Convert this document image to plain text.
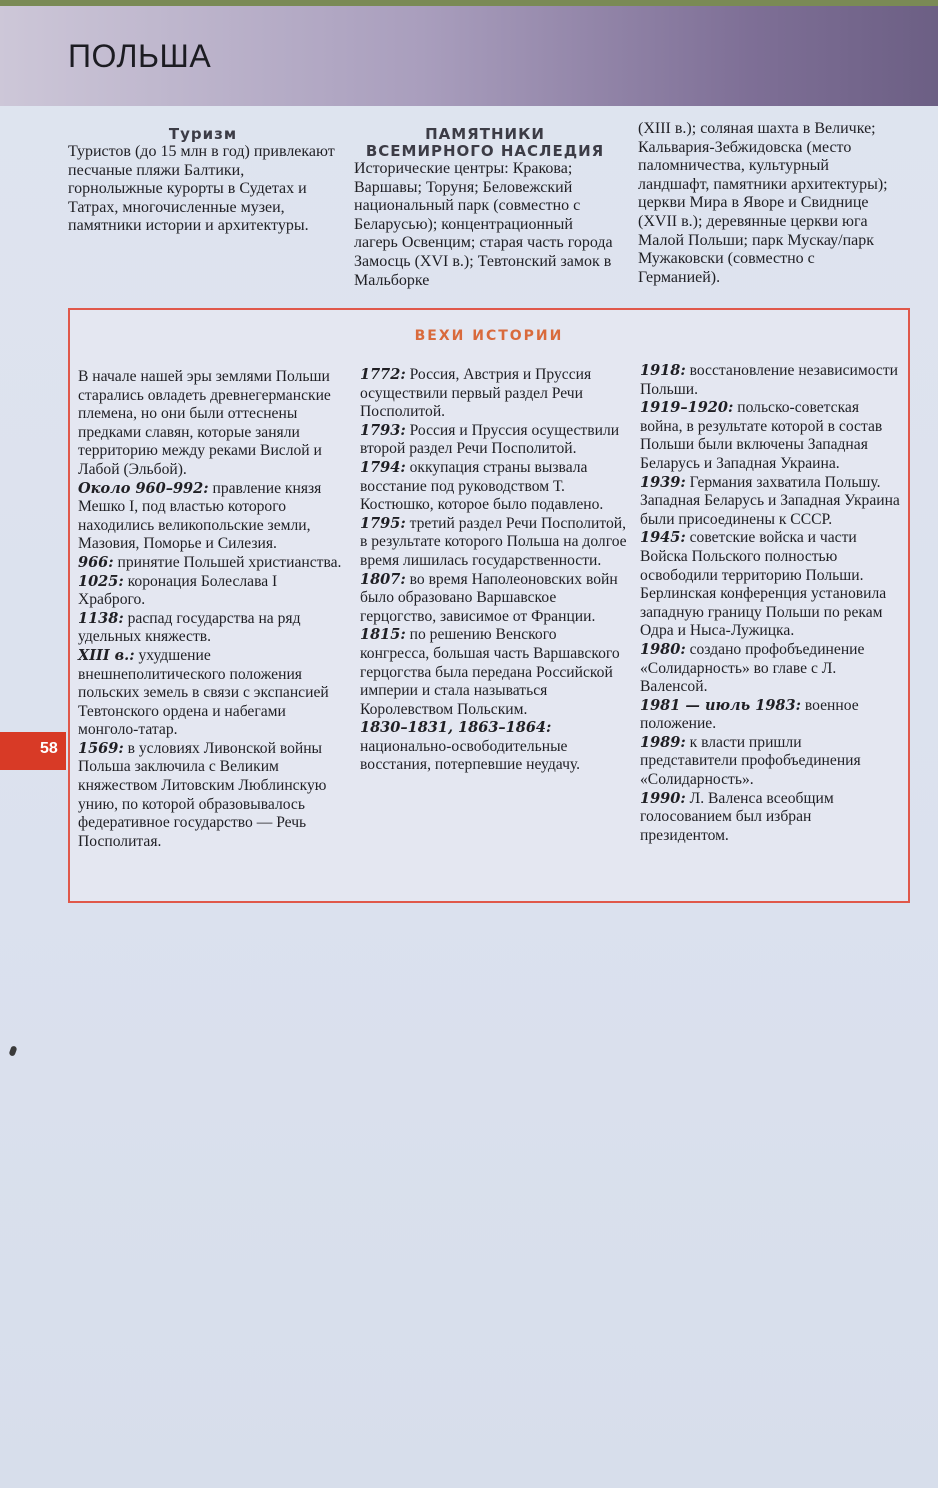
ПОЛЬША
Туризм

Туристов (до 15 млн в год) привлекают песчаные пляжи Балтики, горнолыжные курорты в Судетах и Татрах, многочисленные музеи, памятники истории и архитектуры.

ПАМЯТНИКИ
ВСЕМИРНОГО НАСЛЕДИЯ

Исторические центры: Кракова; Варшавы; Торуня; Беловежский национальный парк (совместно с Беларусью); концентрационный лагерь Освенцим; старая часть города Замосць (XVI в.); Тевтонский замок в Мальборке

(XIII в.); соляная шахта в Величке; Кальвария-Зебжидовска (место паломничества, культурный ландшафт, памятники архитектуры); церкви Мира в Яворе и Свиднице (XVII в.); деревянные церкви юга Малой Польши; парк Мускау/парк Мужаковски (совместно с Германией).

ВЕХИ ИСТОРИИ

В начале нашей эры землями Польши старались овладеть древнегерманские племена, но они были оттеснены предками славян, которые заняли территорию между реками Вислой и Лабой (Эльбой).

Около 960–992: правление князя Мешко I, под властью которого находились великопольские земли, Мазовия, Поморье и Силезия.

966: принятие Польшей христианства.

1025: коронация Болеслава I Храброго.

1138: распад государства на ряд удельных княжеств.

XIII в.: ухудшение внешнеполитического положения польских земель в связи с экспансией Тевтонского ордена и набегами монголо-татар.

1569: в условиях Ливонской войны Польша заключила с Великим княжеством Литовским Люблинскую унию, по которой образовывалось федеративное государство — Речь Посполитая.

1772: Россия, Австрия и Пруссия осуществили первый раздел Речи Посполитой.

1793: Россия и Пруссия осуществили второй раздел Речи Посполитой.

1794: оккупация страны вызвала восстание под руководством Т. Костюшко, которое было подавлено.

1795: третий раздел Речи Посполитой, в результате которого Польша на долгое время лишилась государственности.

1807: во время Наполеоновских войн было образовано Варшавское герцогство, зависимое от Франции.

1815: по решению Венского конгресса, большая часть Варшавского герцогства была передана Российской империи и стала называться Королевством Польским.

1830–1831, 1863–1864: национально-освободительные восстания, потерпевшие неудачу.

1918: восстановление независимости Польши.

1919–1920: польско-советская война, в результате которой в состав Польши были включены Западная Беларусь и Западная Украина.

1939: Германия захватила Польшу. Западная Беларусь и Западная Украина были присоединены к СССР.

1945: советские войска и части Войска Польского полностью освободили территорию Польши. Берлинская конференция установила западную границу Польши по рекам Одра и Ныса-Лужицка.

1980: создано профобъединение «Солидарность» во главе с Л. Валенсой.

1981 — июль 1983: военное положение.

1989: к власти пришли представители профобъединения «Солидарность».

1990: Л. Валенса всеобщим голосованием был избран президентом.

58
